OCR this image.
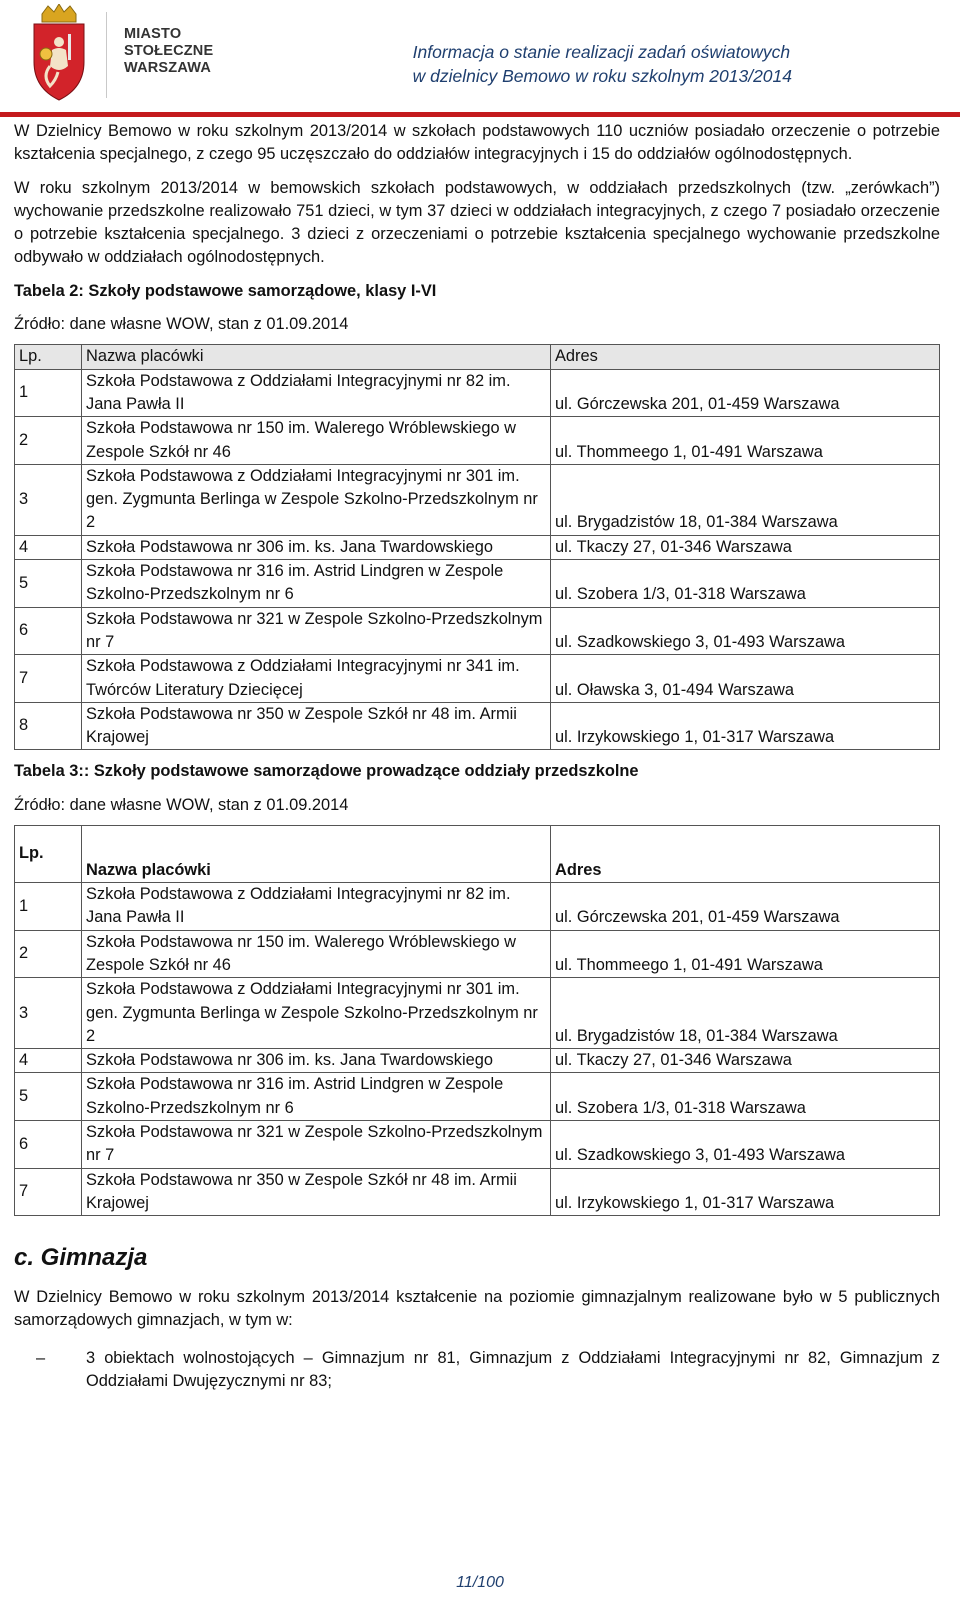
MIASTO
STOŁECZNE
WARSZAWA
Informacja o stanie realizacji zadań oświatowych
w dzielnicy Bemowo w roku szkolnym 2013/2014

W Dzielnicy Bemowo w roku szkolnym 2013/2014 w szkołach podstawowych 110 uczniów posiadało orzeczenie o potrzebie kształcenia specjalnego, z czego 95 uczęszczało do oddziałów integracyjnych i 15 do oddziałów ogólnodostępnych.

W roku szkolnym 2013/2014 w bemowskich szkołach podstawowych, w oddziałach przedszkolnych (tzw. „zerówkach”) wychowanie przedszkolne realizowało 751 dzieci, w tym 37 dzieci w oddziałach integracyjnych, z czego 7 posiadało orzeczenie o potrzebie kształcenia specjalnego. 3 dzieci z orzeczeniami o potrzebie kształcenia specjalnego wychowanie przedszkolne odbywało w oddziałach ogólnodostępnych.

Tabela 2: Szkoły podstawowe samorządowe, klasy I-VI
Źródło: dane własne WOW, stan z 01.09.2014
Lp.	Nazwa placówki	Adres
1	Szkoła Podstawowa z Oddziałami Integracyjnymi nr 82 im. Jana Pawła II	ul. Górczewska 201, 01-459 Warszawa
2	Szkoła Podstawowa nr 150 im. Walerego Wróblewskiego w Zespole Szkół nr 46	ul. Thommeego 1, 01-491 Warszawa
3	Szkoła Podstawowa z Oddziałami Integracyjnymi nr 301 im. gen. Zygmunta Berlinga w Zespole Szkolno-Przedszkolnym nr 2	ul. Brygadzistów 18, 01-384 Warszawa
4	Szkoła Podstawowa nr 306 im. ks. Jana Twardowskiego	ul. Tkaczy 27, 01-346 Warszawa
5	Szkoła Podstawowa nr 316 im. Astrid Lindgren w Zespole Szkolno-Przedszkolnym nr 6	ul. Szobera 1/3, 01-318 Warszawa
6	Szkoła Podstawowa nr 321 w Zespole Szkolno-Przedszkolnym nr 7	ul. Szadkowskiego 3, 01-493 Warszawa
7	Szkoła Podstawowa z Oddziałami Integracyjnymi nr 341 im. Twórców Literatury Dziecięcej	ul. Oławska 3, 01-494 Warszawa
8	Szkoła Podstawowa nr 350 w Zespole Szkół nr 48 im. Armii Krajowej	ul. Irzykowskiego 1, 01-317 Warszawa
Tabela 3:: Szkoły podstawowe samorządowe prowadzące oddziały przedszkolne
Źródło: dane własne WOW, stan z 01.09.2014
Lp.	Nazwa placówki	Adres
1	Szkoła Podstawowa z Oddziałami Integracyjnymi nr 82 im. Jana Pawła II	ul. Górczewska 201, 01-459 Warszawa
2	Szkoła Podstawowa nr 150 im. Walerego Wróblewskiego w Zespole Szkół nr 46	ul. Thommeego 1, 01-491 Warszawa
3	Szkoła Podstawowa z Oddziałami Integracyjnymi nr 301 im. gen. Zygmunta Berlinga w Zespole Szkolno-Przedszkolnym nr 2	ul. Brygadzistów 18, 01-384 Warszawa
4	Szkoła Podstawowa nr 306 im. ks. Jana Twardowskiego	ul. Tkaczy 27, 01-346 Warszawa
5	Szkoła Podstawowa nr 316 im. Astrid Lindgren w Zespole Szkolno-Przedszkolnym nr 6	ul. Szobera 1/3, 01-318 Warszawa
6	Szkoła Podstawowa nr 321 w Zespole Szkolno-Przedszkolnym nr 7	ul. Szadkowskiego 3, 01-493 Warszawa
7	Szkoła Podstawowa nr 350 w Zespole Szkół nr 48 im. Armii Krajowej	ul. Irzykowskiego 1, 01-317 Warszawa
c. Gimnazja

W Dzielnicy Bemowo w roku szkolnym 2013/2014 kształcenie na poziomie gimnazjalnym realizowane było w 5 publicznych samorządowych gimnazjach, w tym w:

– 3 obiektach wolnostojących – Gimnazjum nr 81, Gimnazjum z Oddziałami Integracyjnymi nr 82, Gimnazjum z Oddziałami Dwujęzycznymi nr 83;
11/100
